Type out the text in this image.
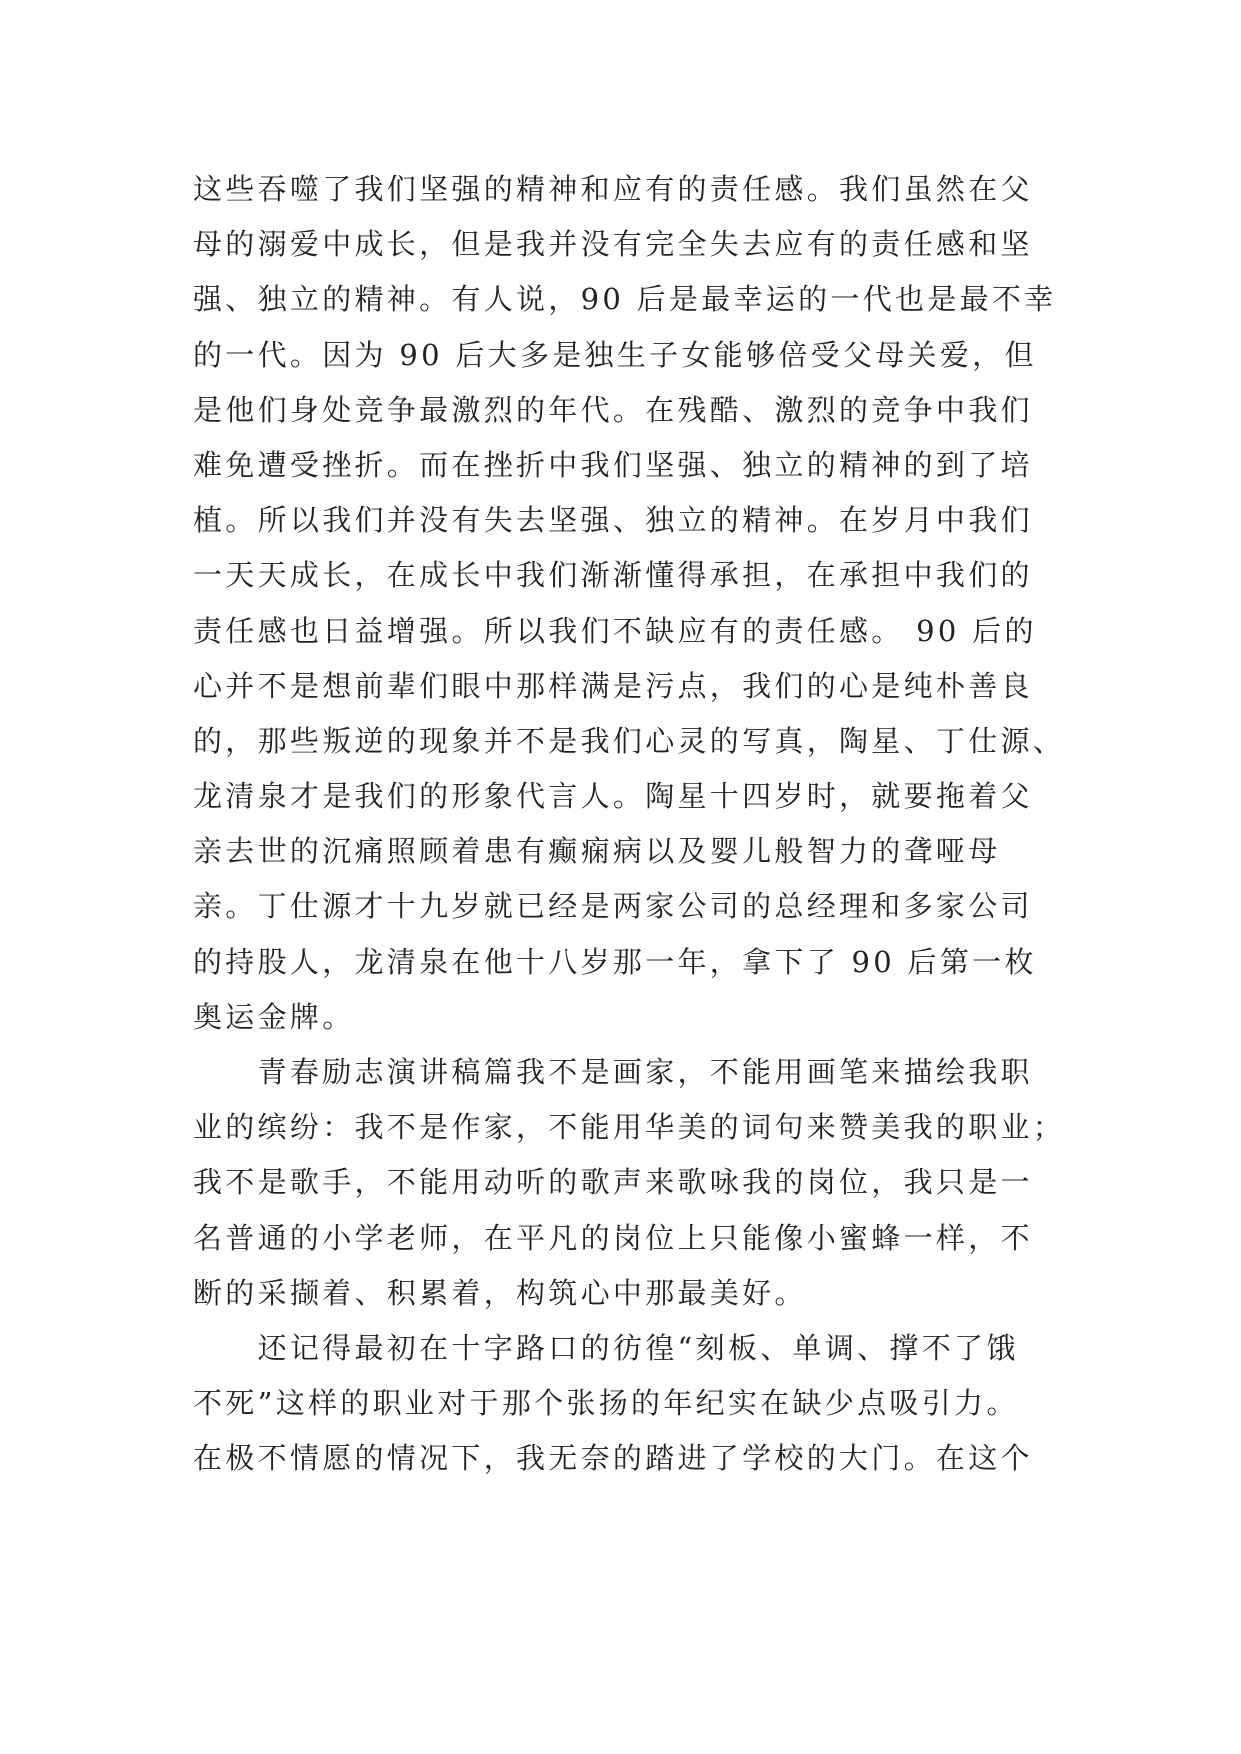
这些吞噬了我们坚强的精神和应有的责任感。我们虽然在父
母的溺爱中成长，但是我并没有完全失去应有的责任感和坚
强、独立的精神。有人说，90 后是最幸运的一代也是最不幸
的一代。因为 90 后大多是独生子女能够倍受父母关爱，但
是他们身处竞争最激烈的年代。在残酷、激烈的竞争中我们
难免遭受挫折。而在挫折中我们坚强、独立的精神的到了培
植。所以我们并没有失去坚强、独立的精神。在岁月中我们
一天天成长，在成长中我们渐渐懂得承担，在承担中我们的
责任感也日益增强。所以我们不缺应有的责任感。 90 后的
心并不是想前辈们眼中那样满是污点，我们的心是纯朴善良
的，那些叛逆的现象并不是我们心灵的写真，陶星、丁仕源、
龙清泉才是我们的形象代言人。陶星十四岁时，就要拖着父
亲去世的沉痛照顾着患有癫痫病以及婴儿般智力的聋哑母
亲。丁仕源才十九岁就已经是两家公司的总经理和多家公司
的持股人，龙清泉在他十八岁那一年，拿下了 90 后第一枚
奥运金牌。
　　青春励志演讲稿篇我不是画家，不能用画笔来描绘我职
业的缤纷：我不是作家，不能用华美的词句来赞美我的职业；
我不是歌手，不能用动听的歌声来歌咏我的岗位，我只是一
名普通的小学老师，在平凡的岗位上只能像小蜜蜂一样，不
断的采撷着、积累着，构筑心中那最美好。
　　还记得最初在十字路口的彷徨“刻板、单调、撑不了饿
不死”这样的职业对于那个张扬的年纪实在缺少点吸引力。
在极不情愿的情况下，我无奈的踏进了学校的大门。在这个
